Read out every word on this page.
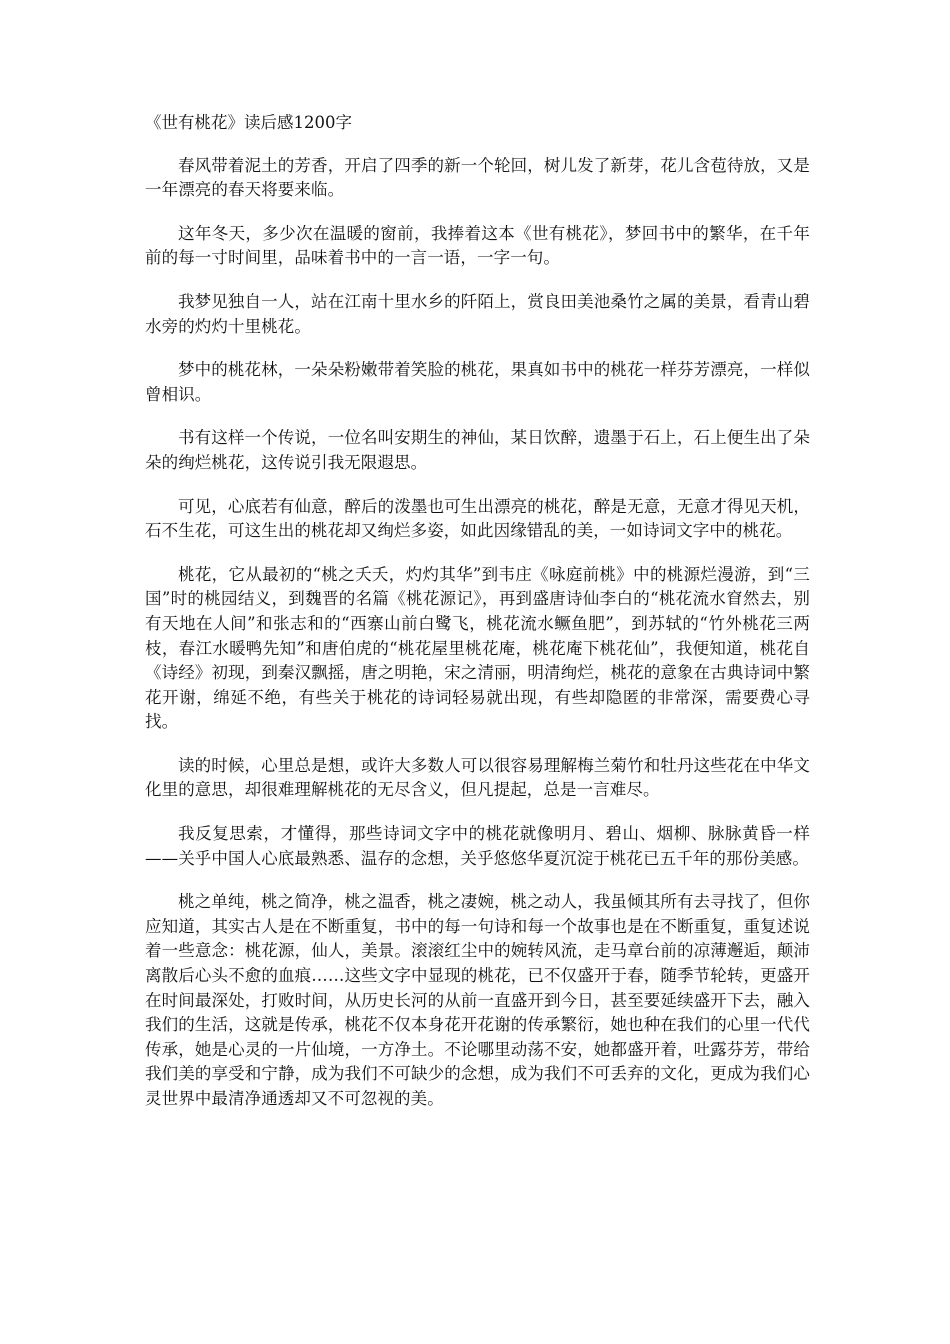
《世有桃花》读后感1200字

春风带着泥土的芳香，开启了四季的新一个轮回，树儿发了新芽，花儿含苞待放，又是一年漂亮的春天将要来临。

这年冬天，多少次在温暖的窗前，我捧着这本《世有桃花》，梦回书中的繁华，在千年前的每一寸时间里，品味着书中的一言一语，一字一句。

我梦见独自一人，站在江南十里水乡的阡陌上，赏良田美池桑竹之属的美景，看青山碧水旁的灼灼十里桃花。

梦中的桃花林，一朵朵粉嫩带着笑脸的桃花，果真如书中的桃花一样芬芳漂亮，一样似曾相识。

书有这样一个传说，一位名叫安期生的神仙，某日饮醉，遗墨于石上，石上便生出了朵朵的绚烂桃花，这传说引我无限遐思。

可见，心底若有仙意，醉后的泼墨也可生出漂亮的桃花，醉是无意，无意才得见天机，石不生花，可这生出的桃花却又绚烂多姿，如此因缘错乱的美，一如诗词文字中的桃花。

桃花，它从最初的“桃之夭夭，灼灼其华”到韦庄《咏庭前桃》中的桃源烂漫游，到“三国”时的桃园结义，到魏晋的名篇《桃花源记》，再到盛唐诗仙李白的“桃花流水窅然去，别有天地在人间”和张志和的“西寨山前白鹭飞，桃花流水鳜鱼肥”，到苏轼的“竹外桃花三两枝，春江水暖鸭先知”和唐伯虎的“桃花屋里桃花庵，桃花庵下桃花仙”，我便知道，桃花自《诗经》初现，到秦汉飘摇，唐之明艳，宋之清丽，明清绚烂，桃花的意象在古典诗词中繁花开谢，绵延不绝，有些关于桃花的诗词轻易就出现，有些却隐匿的非常深，需要费心寻找。

读的时候，心里总是想，或许大多数人可以很容易理解梅兰菊竹和牡丹这些花在中华文化里的意思，却很难理解桃花的无尽含义，但凡提起，总是一言难尽。

我反复思索，才懂得，那些诗词文字中的桃花就像明月、碧山、烟柳、脉脉黄昏一样——关乎中国人心底最熟悉、温存的念想，关乎悠悠华夏沉淀于桃花已五千年的那份美感。

桃之单纯，桃之简净，桃之温香，桃之凄婉，桃之动人，我虽倾其所有去寻找了，但你应知道，其实古人是在不断重复，书中的每一句诗和每一个故事也是在不断重复，重复述说着一些意念：桃花源，仙人，美景。滚滚红尘中的婉转风流，走马章台前的凉薄邂逅，颠沛离散后心头不愈的血痕……这些文字中显现的桃花，已不仅盛开于春，随季节轮转，更盛开在时间最深处，打败时间，从历史长河的从前一直盛开到今日，甚至要延续盛开下去，融入我们的生活，这就是传承，桃花不仅本身花开花谢的传承繁衍，她也种在我们的心里一代代传承，她是心灵的一片仙境，一方净土。不论哪里动荡不安，她都盛开着，吐露芬芳，带给我们美的享受和宁静，成为我们不可缺少的念想，成为我们不可丢弃的文化，更成为我们心灵世界中最清净通透却又不可忽视的美。
